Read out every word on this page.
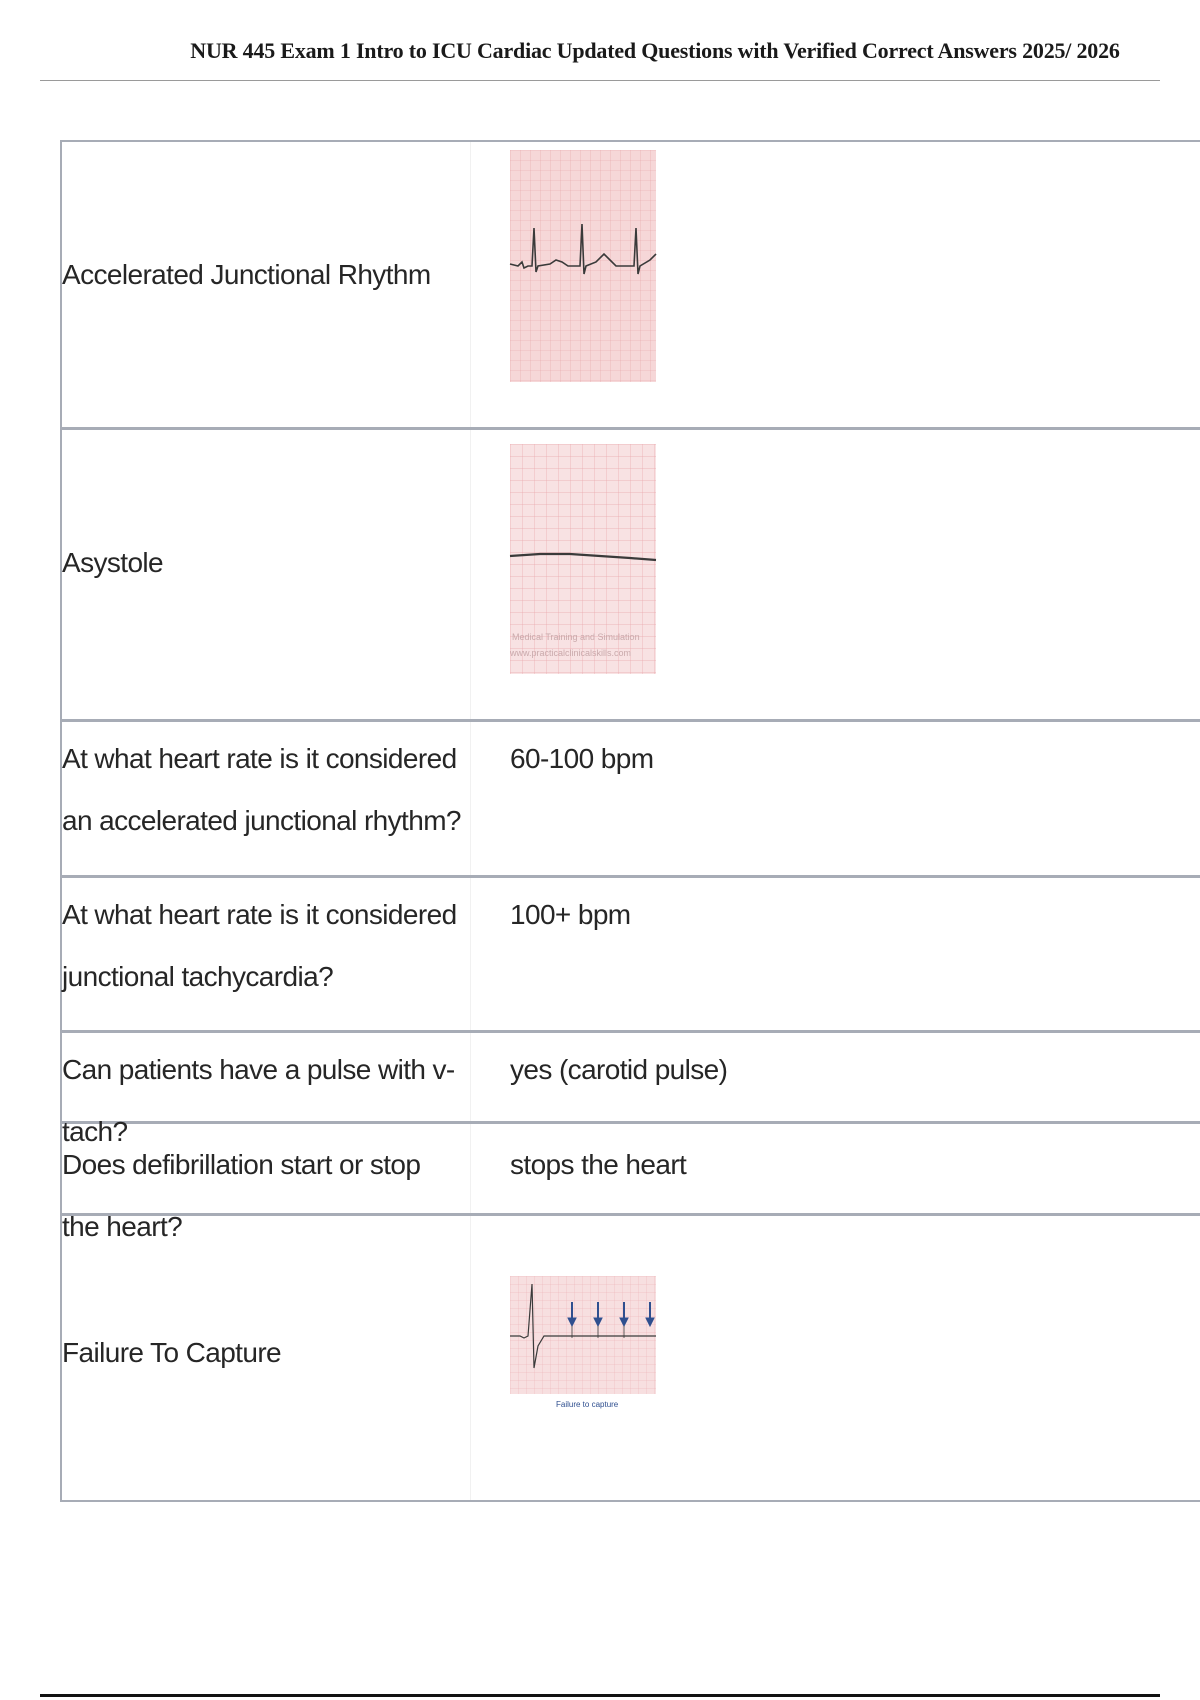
NUR 445 Exam 1 Intro to ICU Cardiac Updated Questions with Verified Correct Answers 2025/ 2026
Accelerated Junctional Rhythm
Asystole
Medical Training and Simulation
www.practicalclinicalskills.com
At what heart rate is it considered an accelerated junctional rhythm?
60-100 bpm
At what heart rate is it considered junctional tachycardia?
100+ bpm
Can patients have a pulse with v-tach?
yes (carotid pulse)
Does defibrillation start or stop the heart?
stops the heart
Failure To Capture
Failure to capture
